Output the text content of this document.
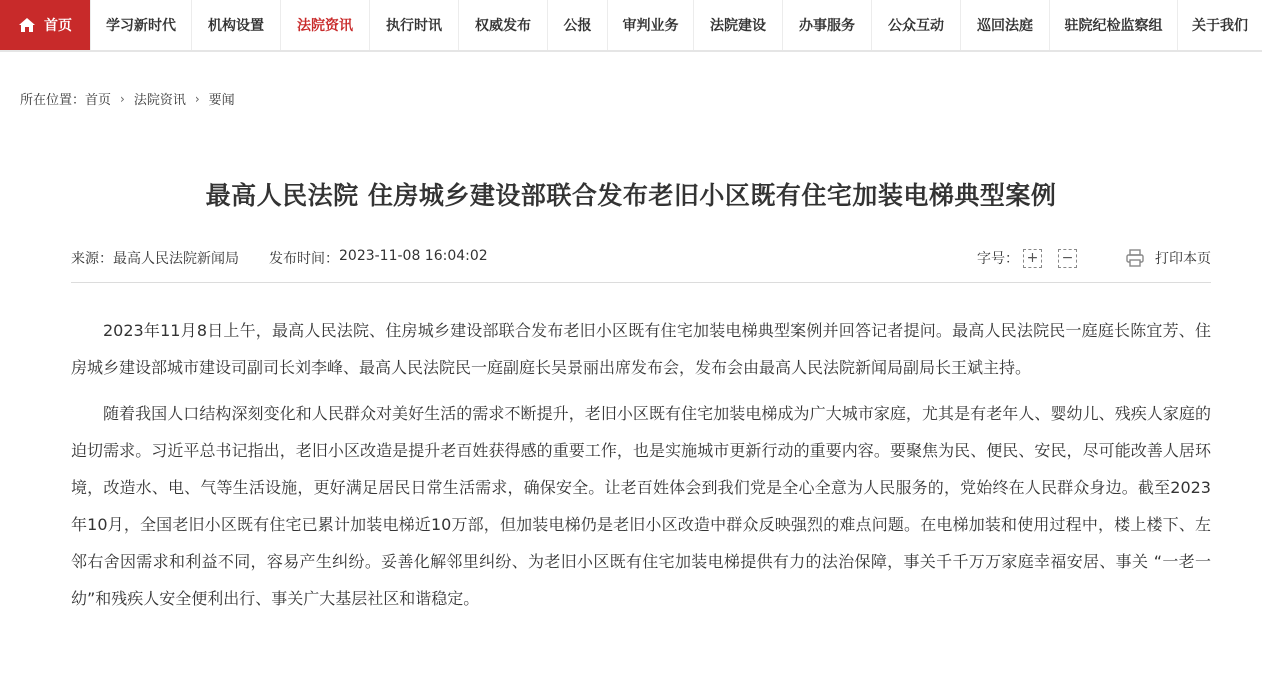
首页 学习新时代 机构设置 法院资讯 执行时讯 权威发布 公报 审判业务 法院建设 办事服务 公众互动 巡回法庭 驻院纪检监察组 关于我们
所在位置： 首页 › 法院资讯 › 要闻
最高人民法院 住房城乡建设部联合发布老旧小区既有住宅加装电梯典型案例
来源： 最高人民法院新闻局 发布时间： 2023-11-08 16:04:02	字号： + −	打印本页

2023年11月8日上午，最高人民法院、住房城乡建设部联合发布老旧小区既有住宅加装电梯典型案例并回答记者提问。最高人民法院民一庭庭长陈宜芳、住房城乡建设部城市建设司副司长刘李峰、最高人民法院民一庭副庭长吴景丽出席发布会，发布会由最高人民法院新闻局副局长王斌主持。

随着我国人口结构深刻变化和人民群众对美好生活的需求不断提升，老旧小区既有住宅加装电梯成为广大城市家庭，尤其是有老年人、婴幼儿、残疾人家庭的迫切需求。习近平总书记指出，老旧小区改造是提升老百姓获得感的重要工作，也是实施城市更新行动的重要内容。要聚焦为民、便民、安民，尽可能改善人居环境，改造水、电、气等生活设施，更好满足居民日常生活需求，确保安全。让老百姓体会到我们党是全心全意为人民服务的，党始终在人民群众身边。截至2023年10月，全国老旧小区既有住宅已累计加装电梯近10万部，但加装电梯仍是老旧小区改造中群众反映强烈的难点问题。在电梯加装和使用过程中，楼上楼下、左邻右舍因需求和利益不同，容易产生纠纷。妥善化解邻里纠纷、为老旧小区既有住宅加装电梯提供有力的法治保障，事关千千万万家庭幸福安居、事关 “一老一幼”和残疾人安全便利出行、事关广大基层社区和谐稳定。
